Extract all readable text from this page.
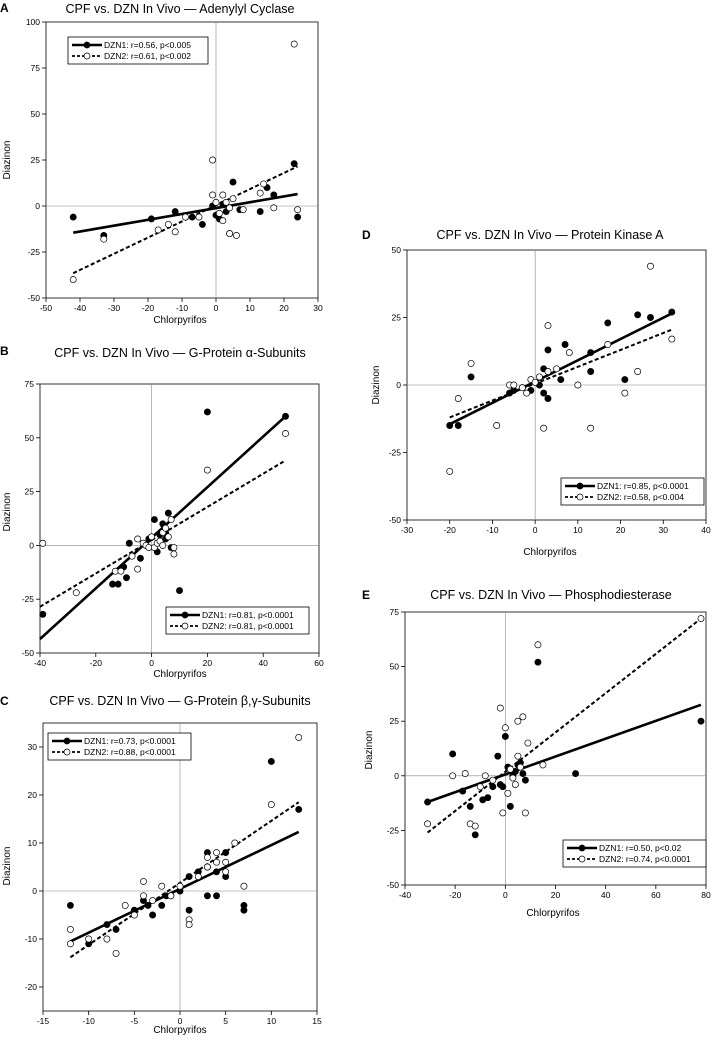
A	CPF vs. DZN In Vivo — Adenylyl Cyclase
-50	-40	-30	-20	-10	0	10	20	30
-50
-25
0
25
50
75
100
DZN1: r=0.56, p<0.005
DZN2: r=0.61, p<0.002
Chlorpyrifos
Diazinon
B	CPF vs. DZN In Vivo — G-Protein α-Subunits
-40	-20	0	20	40	60
-50
-25
0
25
50
75
DZN1: r=0.81, p<0.0001
DZN2: r=0.81, p<0.0001
Chlorpyrifos
Diazinon
C	CPF vs. DZN In Vivo — G-Protein β,γ-Subunits
-15	-10	-5	0	5	10	15
-20
-10
0
10
20
30
DZN1: r=0.73, p<0.0001
DZN2: r=0.88, p<0.0001
Chlorpyrifos
Diazinon
D	CPF vs. DZN In Vivo — Protein Kinase A
-30	-20	-10	0	10	20	30	40
-50
-25
0
25
50
DZN1: r=0.85, p<0.0001
DZN2: r=0.58, p<0.004
Chlorpyrifos
Diazinon
E	CPF vs. DZN In Vivo — Phosphodiesterase
-40	-20	0	20	40	60	80
-50
-25
0
25
50
75
DZN1: r=0.50, p<0.02
DZN2: r=0.74, p<0.0001
Chlorpyrifos
Diazinon
